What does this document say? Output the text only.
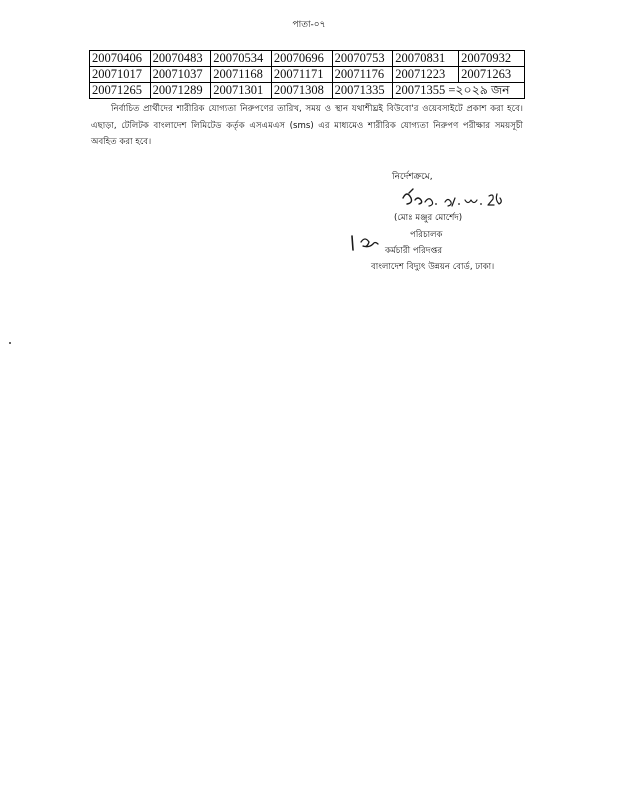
পাতা-০৭
20070406	20070483	20070534	20070696	20070753	20070831	20070932
20071017	20071037	20071168	20071171	20071176	20071223	20071263
20071265	20071289	20071301	20071308	20071335	20071355 =২০২৯ জন	
নির্বাচিত প্রার্থীদের শারীরিক যোগ্যতা নিরুপণের তারিখ, সময় ও স্থান যথাশীঘ্রই বিউবো'র ওয়েবসাইটে প্রকাশ করা হবে। এছাড়া, টেলিটক বাংলাদেশ লিমিটেড কর্তৃক এসএমএস (sms) এর মাধ্যমেও শারীরিক যোগ্যতা নিরুপণ পরীক্ষার সময়সূচী অবহিত করা হবে।
নির্দেশক্রমে,
(মোঃ মঞ্জুর মোর্শেদ)
পরিচালক
কর্মচারী পরিদপ্তর
বাংলাদেশ বিদ্যুৎ উন্নয়ন বোর্ড, ঢাকা।
